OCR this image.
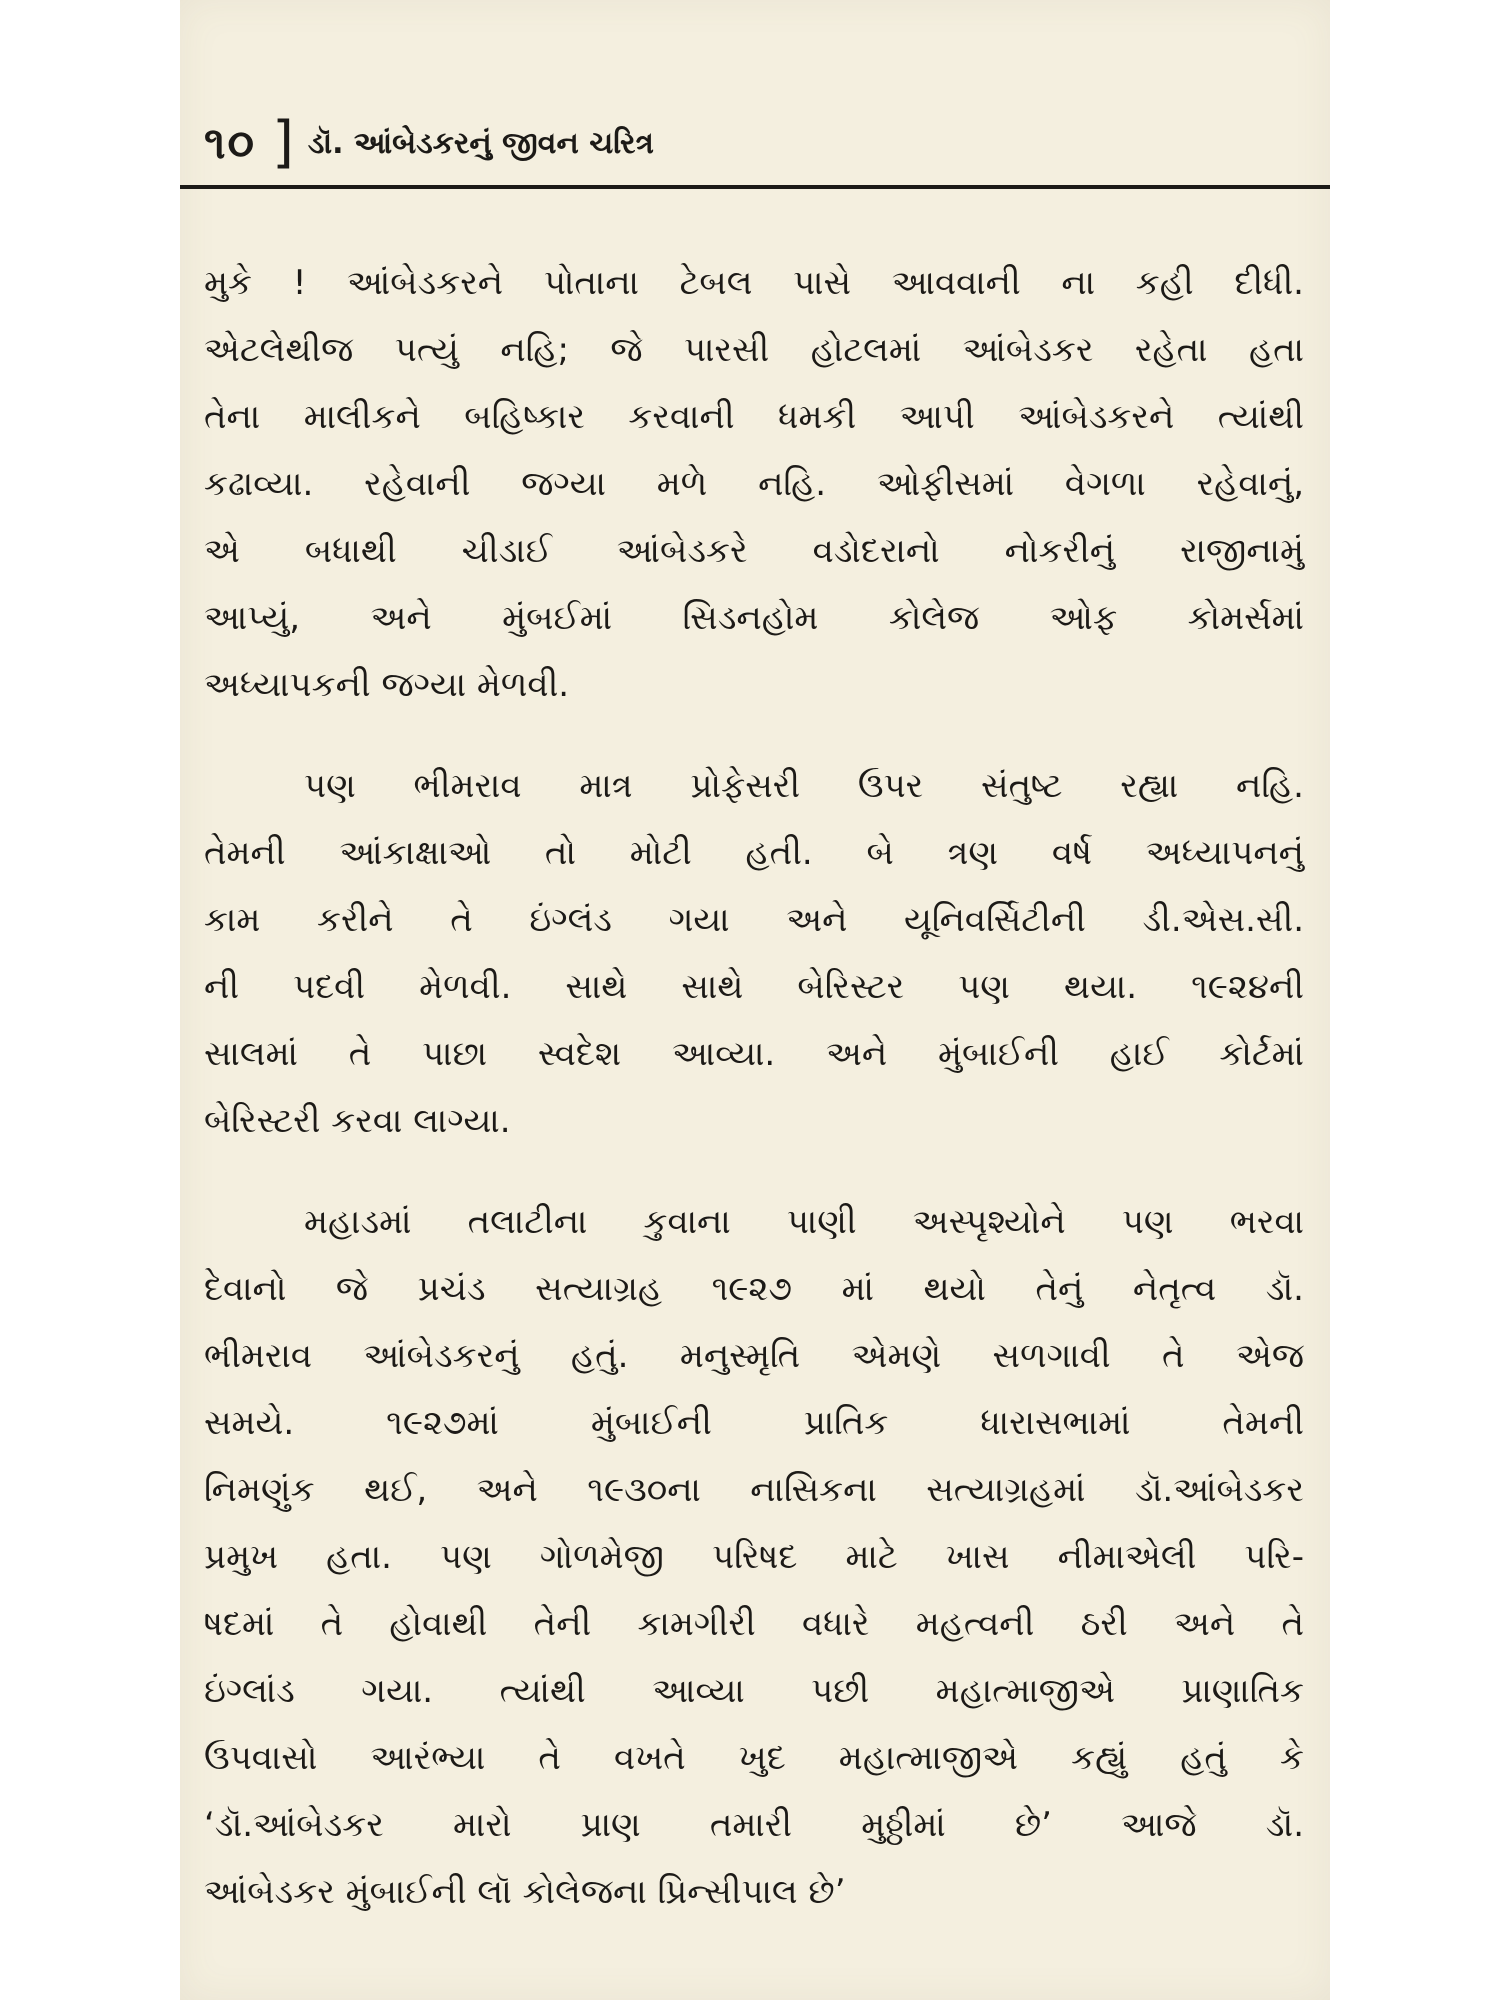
૧૦ ] ડૉ. આંબેડકરનું જીવન ચરિત્ર

મુકે ! આંબેડકરને પોતાના ટેબલ પાસે આવવાની ના કહી દીધી.
એટલેથીજ પત્યું નહિ; જે પારસી હોટલમાં આંબેડકર રહેતા હતા
તેના માલીકને બહિષ્કાર કરવાની ધમકી આપી આંબેડકરને ત્યાંથી
કઢાવ્યા. રહેવાની જગ્યા મળે નહિ. ઓફીસમાં વેગળા રહેવાનું,
એ બધાથી ચીડાઈ આંબેડકરે વડોદરાનો નોકરીનું રાજીનામું
આપ્યું, અને મુંબઈમાં સિડનહોમ કોલેજ ઓફ કોમર્સમાં
અધ્યાપકની જગ્યા મેળવી.

પણ ભીમરાવ માત્ર પ્રોફેસરી ઉપર સંતુષ્ટ રહ્યા નહિ.
તેમની આંકાક્ષાઓ તો મોટી હતી. બે ત્રણ વર્ષ અધ્યાપનનું
કામ કરીને તે ઇંગ્લંડ ગયા અને યૂનિવર્સિટીની ડી.એસ.સી.
ની પદવી મેળવી. સાથે સાથે બેરિસ્ટર પણ થયા. ૧૯૨૪ની
સાલમાં તે પાછા સ્વદેશ આવ્યા. અને મુંબાઈની હાઈ કોર્ટમાં
બેરિસ્ટરી કરવા લાગ્યા.

મહાડમાં તલાટીના કુવાના પાણી અસ્પૃશ્યોને પણ ભરવા
દેવાનો જે પ્રચંડ સત્યાગ્રહ ૧૯૨૭ માં થયો તેનું નેતૃત્વ ડૉ.
ભીમરાવ આંબેડકરનું હતું. મનુસ્મૃતિ એમણે સળગાવી તે એજ
સમયે. ૧૯૨૭માં મુંબાઈની પ્રાતિક ધારાસભામાં તેમની
નિમણુંક થઈ, અને ૧૯૩૦ના નાસિકના સત્યાગ્રહમાં ડૉ.આંબેડકર
પ્રમુખ હતા. પણ ગોળમેજી પરિષદ માટે ખાસ નીમાએલી પરિ-
ષદમાં તે હોવાથી તેની કામગીરી વધારે મહત્વની ઠરી અને તે
ઇંગ્લાંડ ગયા. ત્યાંથી આવ્યા પછી મહાત્માજીએ પ્રાણાતિક
ઉપવાસો આરંભ્યા તે વખતે ખુદ મહાત્માજીએ કહ્યું હતું કે
‘ડૉ.આંબેડકર મારો પ્રાણ તમારી મુઠ્ઠીમાં છે’ આજે ડૉ.
આંબેડકર મુંબાઈની લૉ કોલેજના પ્રિન્સીપાલ છે’
